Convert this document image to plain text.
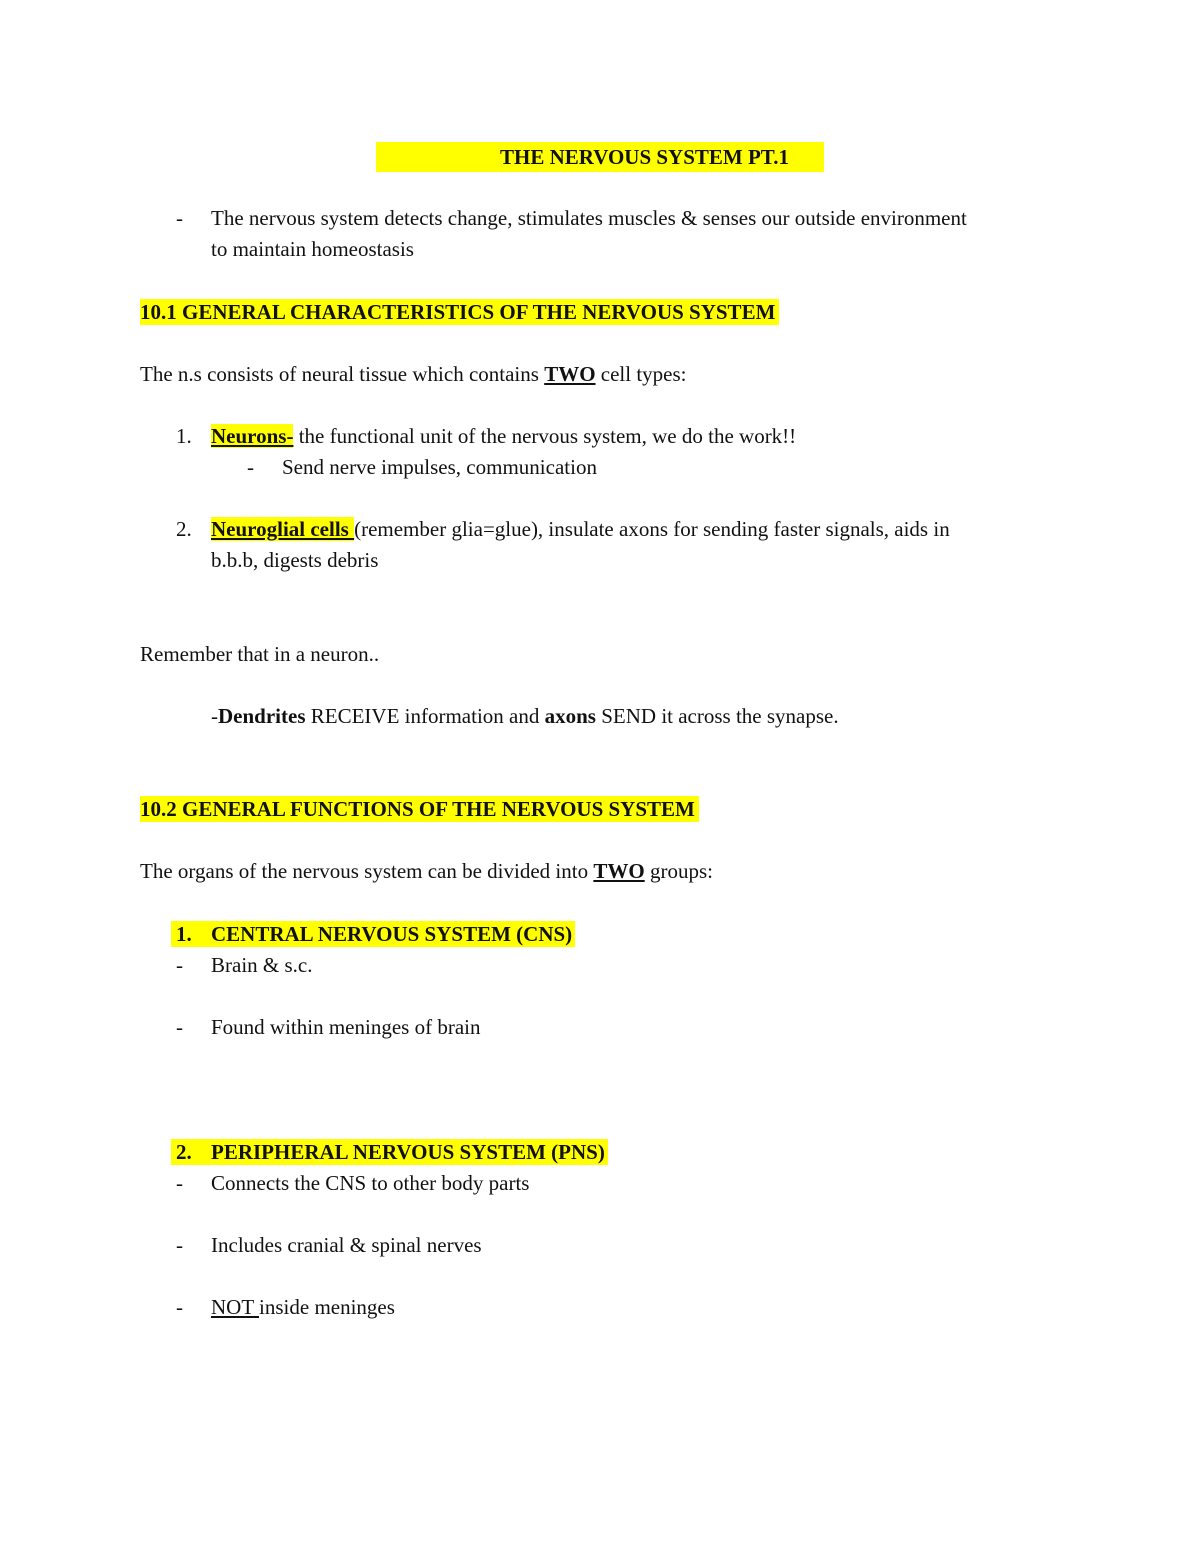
THE NERVOUS SYSTEM PT.1
- The nervous system detects change, stimulates muscles & senses our outside environment
to maintain homeostasis
10.1 GENERAL CHARACTERISTICS OF THE NERVOUS SYSTEM
The n.s consists of neural tissue which contains TWO cell types:
1. Neurons- the functional unit of the nervous system, we do the work!!
- Send nerve impulses, communication
2. Neuroglial cells (remember glia=glue), insulate axons for sending faster signals, aids in
b.b.b, digests debris
Remember that in a neuron..
-Dendrites RECEIVE information and axons SEND it across the synapse.
10.2 GENERAL FUNCTIONS OF THE NERVOUS SYSTEM
The organs of the nervous system can be divided into TWO groups:
1. CENTRAL NERVOUS SYSTEM (CNS)
- Brain & s.c.
- Found within meninges of brain
2. PERIPHERAL NERVOUS SYSTEM (PNS)
- Connects the CNS to other body parts
- Includes cranial & spinal nerves
- NOT inside meninges
